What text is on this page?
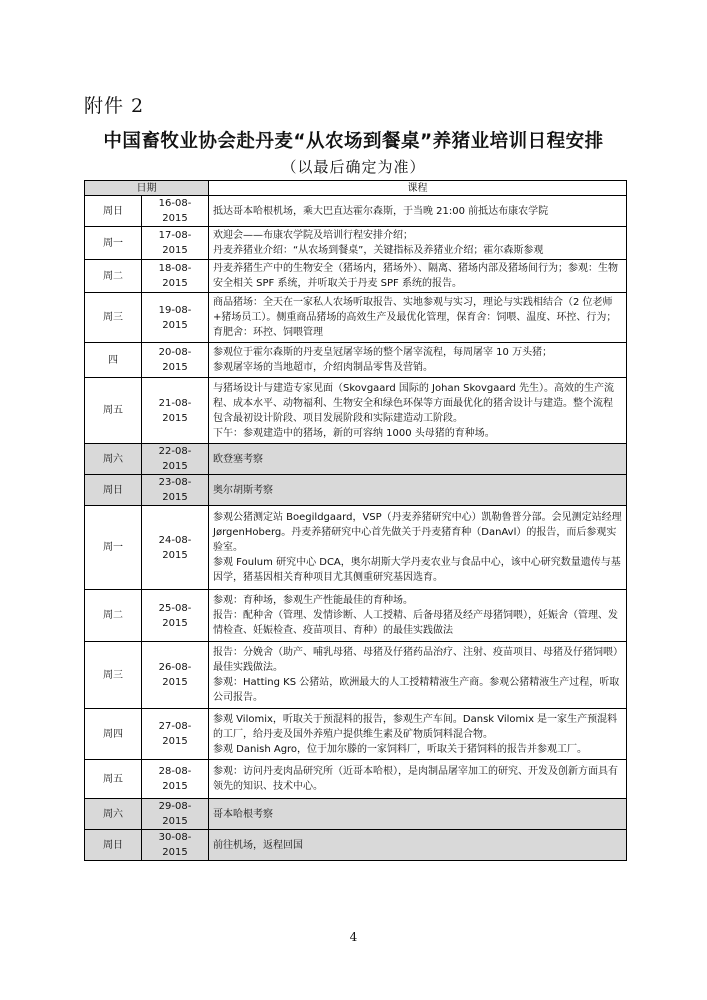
附件 2
中国畜牧业协会赴丹麦“从农场到餐桌”养猪业培训日程安排
（以最后确定为准）
日期		课程
周日	16-08-2015	抵达哥本哈根机场，乘大巴直达霍尔森斯，于当晚 21:00 前抵达布康农学院

周一	17-08-2015	欢迎会——布康农学院及培训行程安排介绍；

丹麦养猪业介绍：“从农场到餐桌”，关键指标及养猪业介绍；霍尔森斯参观

周二	18-08-2015	丹麦养猪生产中的生物安全（猪场内，猪场外）、隔离、猪场内部及猪场间行为；参观：生物安全相关 SPF 系统，并听取关于丹麦 SPF 系统的报告。

周三	19-08-2015	商品猪场：全天在一家私人农场听取报告、实地参观与实习，理论与实践相结合（2 位老师+猪场员工）。侧重商品猪场的高效生产及最优化管理，保育舍：饲喂、温度、环控、行为；育肥舍：环控、饲喂管理

四	20-08-2015	参观位于霍尔森斯的丹麦皇冠屠宰场的整个屠宰流程，每周屠宰 10 万头猪；

参观屠宰场的当地超市，介绍肉制品零售及营销。

周五	21-08-2015	与猪场设计与建造专家见面（Skovgaard 国际的 Johan Skovgaard 先生）。高效的生产流程、成本水平、动物福利、生物安全和绿色环保等方面最优化的猪舍设计与建造。整个流程包含最初设计阶段、项目发展阶段和实际建造动工阶段。

下午：参观建造中的猪场，新的可容纳 1000 头母猪的育种场。

周六	22-08-2015	欧登塞考察

周日	23-08-2015	奥尔胡斯考察

周一	24-08-2015	参观公猪测定站 Boegildgaard，VSP（丹麦养猪研究中心）凯勒鲁普分部。会见测定站经理 JørgenHoberg。丹麦养猪研究中心首先做关于丹麦猪育种（DanAvl）的报告，而后参观实验室。

参观 Foulum 研究中心 DCA，奥尔胡斯大学丹麦农业与食品中心，该中心研究数量遗传与基因学，猪基因相关育种项目尤其侧重研究基因选育。

周二	25-08-2015	参观：育种场，参观生产性能最佳的育种场。

报告：配种舍（管理、发情诊断、人工授精、后备母猪及经产母猪饲喂），妊娠舍（管理、发情检查、妊娠检查、疫苗项目、育种）的最佳实践做法

周三	26-08-2015	报告：分娩舍（助产、哺乳母猪、母猪及仔猪药品治疗、注射、疫苗项目、母猪及仔猪饲喂）最佳实践做法。

参观：Hatting KS 公猪站，欧洲最大的人工授精精液生产商。参观公猪精液生产过程，听取公司报告。

周四	27-08-2015	参观 Vilomix，听取关于预混料的报告，参观生产车间。Dansk Vilomix 是一家生产预混料的工厂，给丹麦及国外养殖户提供维生素及矿物质饲料混合物。

参观 Danish Agro，位于加尔滕的一家饲料厂，听取关于猪饲料的报告并参观工厂。

周五	28-08-2015	参观：访问丹麦肉品研究所（近哥本哈根），是肉制品屠宰加工的研究、开发及创新方面具有领先的知识、技术中心。

周六	29-08-2015	哥本哈根考察

周日	30-08-2015	前往机场，返程回国

4
